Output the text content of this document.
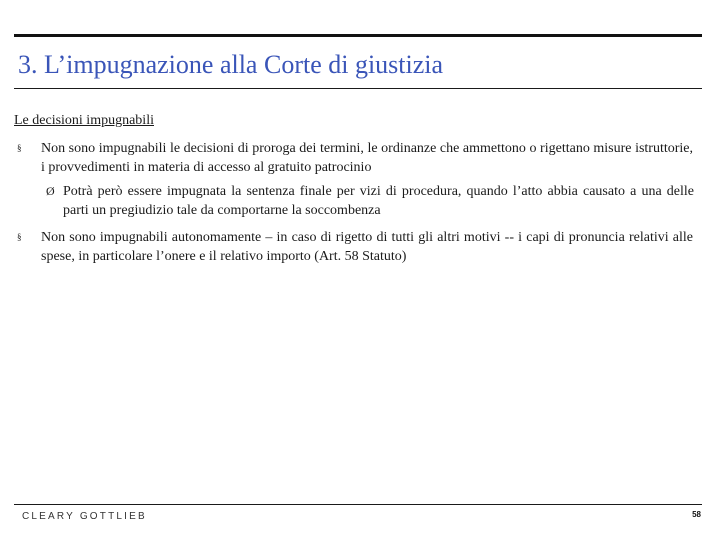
3. L’impugnazione alla Corte di giustizia
Le decisioni impugnabili
§	Non sono impugnabili le decisioni di proroga dei termini, le ordinanze che ammettono o rigettano misure istruttorie, i provvedimenti in materia di accesso al gratuito patrocinio
Ø Potrà però essere impugnata la sentenza finale per vizi di procedura, quando l’atto abbia causato a una delle parti un pregiudizio tale da comportarne la soccombenza
§	Non sono impugnabili autonomamente – in caso di rigetto di tutti gli altri motivi -- i capi di pronuncia relativi alle spese, in particolare l’onere e il relativo importo (Art. 58 Statuto)
CLEARY GOTTLIEB	58
